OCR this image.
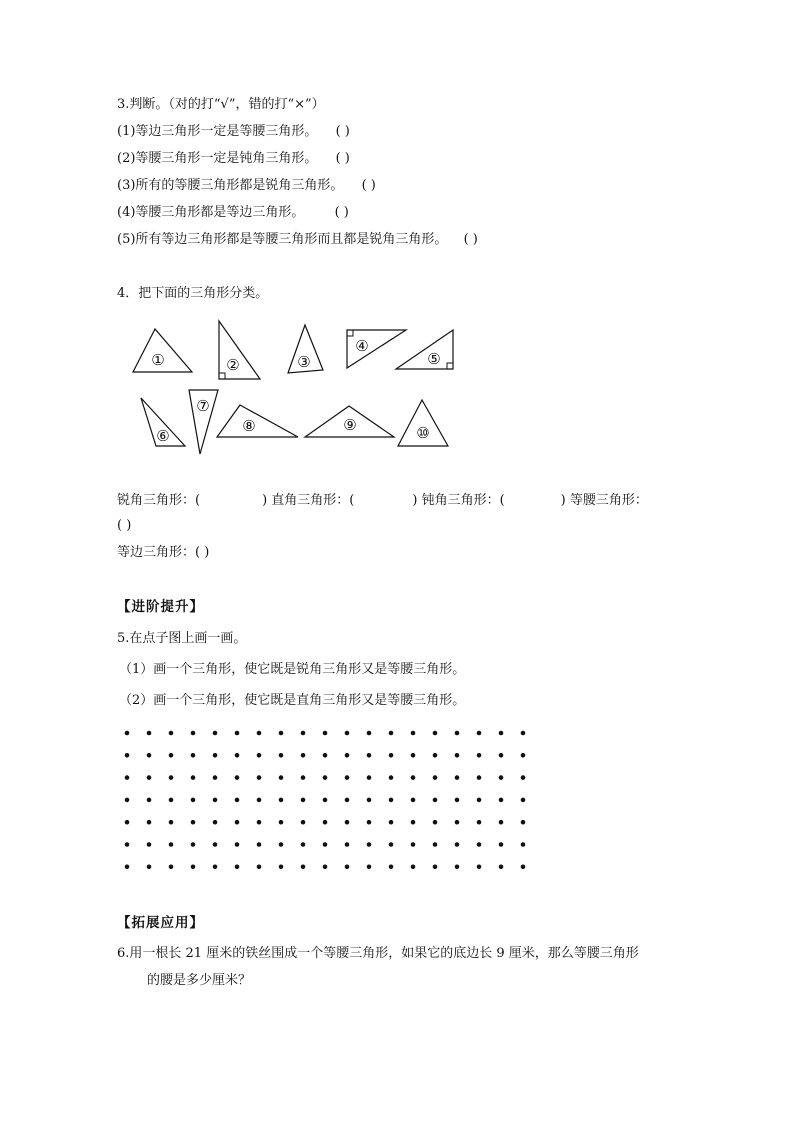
3.判断。（对的打“√”，错的打“×”）
(1)等边三角形一定是等腰三角形。 ( )
(2)等腰三角形一定是钝角三角形。 ( )
(3)所有的等腰三角形都是锐角三角形。 ( )
(4)等腰三角形都是等边三角形。 ( )
(5)所有等边三角形都是等腰三角形而且都是锐角三角形。 ( )
4．把下面的三角形分类。
①	②	③
④
⑤
⑥
⑦
⑧	⑨	⑩
锐角三角形：(	) 直角三角形：(	) 钝角三角形：(	) 等腰三角形：
( )
等边三角形：( )
【进阶提升】
5.在点子图上画一画。
（1）画一个三角形，使它既是锐角三角形又是等腰三角形。
（2）画一个三角形，使它既是直角三角形又是等腰三角形。
【拓展应用】
6.用一根长 21 厘米的铁丝围成一个等腰三角形，如果它的底边长 9 厘米，那么等腰三角形
的腰是多少厘米？
